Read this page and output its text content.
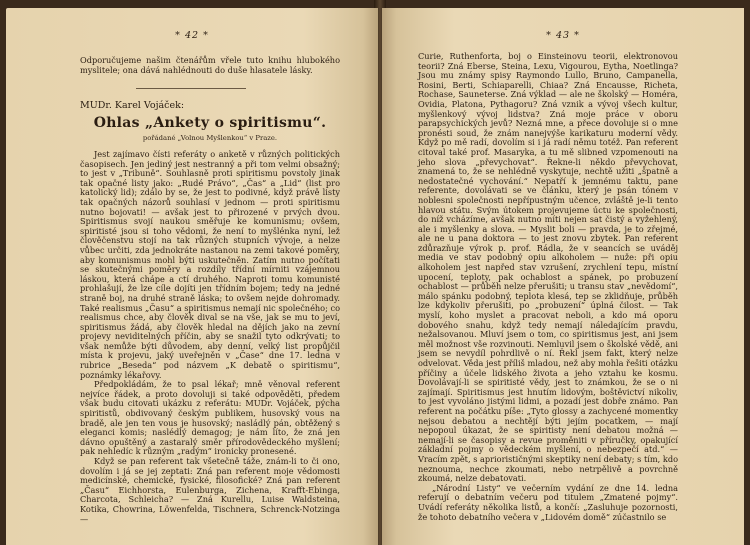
* 42 *

Odporučujeme našim čtenářům vřele tuto knihu hlubokého myslitele; ona dává nahlédnouti do duše hlasatele lásky.

MUDr. Karel Vojáček:
Ohlas „Ankety o spiritismu“.
pořádané „Volnou Myšlenkou“ v Praze.

Jest zajímavo čísti referáty o anketě v různých politických časopisech. Jen jediný jest nestranný a při tom velmi obsažný; to jest v „Tribuně“. Souhlasně proti spiritismu povstoly jinak tak opačné listy jako: „Rudé Právo“, „Čas“ a „Lid“ (list pro katolický lid); zdálo by se, že jest to podivné, když právě listy tak opačných názorů souhlasí v jednom — proti spiritismu nutno bojovati! — avšak jest to přirozené v prvých dvou. Spiritismus svojí naukou směřuje ke komunismu; ovšem, spiritisté jsou si toho vědomi, že není to myšlénka nyní, lež člověčenstvu stojí na tak různých stupních vývoje, a nelze vůbec určiti, zda jednokráte nastanou na zemi takové poměry, aby komunismus mohl býti uskutečněn. Zatím nutno počítati se skutečnými poměry a rozdíly třídní mírniti vzájemnou láskou, která chápe a ctí druhého. Naproti tomu komunisté prohlašují, že lze cíle dojíti jen třídním bojem; tedy na jedné straně boj, na druhé straně láska; to ovšem nejde dohromady. Také realismus „Času“ a spiritismus nemají nic společného; co realismus chce, aby člověk dival se na vše, jak se mu to jeví, spiritismus žádá, aby člověk hledal na dějích jako na zevní projevy neviditelných příčin, aby se snažil tyto odkrývati; to však nemůže býti důvodem, aby denní, velký list propůjčil místa k projevu, jaký uveřejněn v „Čase“ dne 17. ledna v rubrice „Beseda“ pod názvem „K debatě o spiritismu“, poznámky lékařovy.

Předpokládám, že to psal lékař; mně věnoval referent nejvíce řádek, a proto dovoluji si také odpověděti, předem však budu citovati ukázku z referátu: MUDr. Vojáček, pýcha spiritistů, obdivovaný českým publikem, husovský vous na bradě, ale jen ten vous je husovský; nasládlý pán, obtěžený s eleganci komis; naslédlý demagog; je nám líto, že zná jen dávno opuštěný a zastaralý směr přírodovědeckého myšlení; pak nehledíc k různým „radým“ ironicky pronesené.

Když se pan referent tak všetečně táže, znám-li to či ono, dovolím i já se jej zeptati: Zná pan referent moje vědomosti medicínské, chemické, fysické, filosofické? Zná pan referent „Času“ Eichhorsta, Eulenburga, Zichena, Krafft-Ebinga, Charcota, Schleicha? — Zná Kurellu, Luise Waldsteina, Kotika, Chowrina, Löwenfelda, Tischnera, Schrenck-Notzinga—

* 43 *

Curie, Ruthenforta, boj o Einsteinovu teorii, elektronovou teorii? Zná Eberse, Steina, Lexu, Vigourou, Eytha, Noetlinga? Jsou mu známy spisy Raymondo Lullo, Bruno, Campanella, Rosini, Berti, Schiaparelli, Chiaa? Zná Encausse, Richeta, Rochase, Sauneterse. Zná výklad — ale ne školský — Homéra, Ovidia, Platona, Pythagoru? Zná vznik a vývoj všech kultur, myšlenkový vývoj lidstva? Zná moje práce v oboru parapsychických jevů? Nezná mne, a přece dovoluje si o mne pronésti soud, že znám nanejvýše karikaturu moderní vědy. Když po mě radí, dovolím si i já radí němu totéž. Pan referent citoval také prof. Masaryka, a tu mě slibned vzpomenouti na jeho slova „převychovat“. Řekne-li někdo převychovat, znamená to, že se nehlédně vyskytuje, nechtě užiti „špatně a nedostatečné vychování.“ Nepatří k jemnému taktu, pane referente, dovolávati se ve článku, který je psán tónem v noblesni společnosti nepřípustným učence, zvláště je-li tento hlavou státu. Svým útokem projevujeme úctu ke společnosti, do níž vcházíme, avšak nutno míti nejen sat čistý a vyžehlený, ale i myšlenky a slova. — Myslit boli — pravda, je to zřejmé, ale ne u pana doktora — to jest znovu zbytek. Pan referent zdůrazňuje výrok p. prof. Rádla, že v seancích se uváděj media ve stav podobný opiu alkoholem — nuže: při opiu alkoholem jest napřed stav vzrušení, zrychlení tepu, místní upocení, teploty, pak ochablost a spánek, po probuzení ochablost — průběh nelze přerušiti; u transu stav „nevědomí“, málo spánku podobný, teplota klesá, tep se zklidňuje, průběh lze kdykoliv přerušiti, po „probuzení“ úplná čilost. — Tak myslí, koho myslet a pracovat neboli, a kdo má oporu dobového snahu, když tedy nemají náledajícím pravdu, nežalsovanou. Mluví jsem o tom, co spiritismus jest, ani jsem měl možnost vše rozvinouti. Nemluvil jsem o školské vědě, ani jsem se nevydíl pohrdlivě o ní. Řekl jsem fakt, který nelze odvelovat. Věda jest příliš mladou, než aby mohla řešiti otázku příčiny a účele lidského života a jeho vztahu ke kosmu. Dovolávají-li se spiritisté vědy, jest to známkou, že se o ni zajímají. Spiritismus jest hnutím lidovým, boštěvictví nikoliv, to jest vyvoláno jistými lidmi, a pozadí jest dobře známo. Pan referent na počátku píše: „Tyto glossy a zachycené momentky nejsou debatou a nechtějí býti jejím pocatkem, — mají nepopoul úkazat, že se spiritisty není debatou možná — nemají-li se časopisy a revue proměniti v příručky, opakující základní pojmy o vědeckém myšlení, o nebezpečí atd.“ — Vracím zpět, s apriorističnými skeptiky není debaty; s tím, kdo neznouma, nechce zkoumati, nebo netrpělivě a povrchně zkoumá, nelze debatovati.

„Národní Listy“ ve večerním vydání ze dne 14. ledna referují o debatním večeru pod titulem „Zmatené pojmy“. Uvádí referáty několika listů, a končí: „Zasluhuje pozornosti, že tohoto debatního večera v „Lidovém domě“ zúčastnilo se
